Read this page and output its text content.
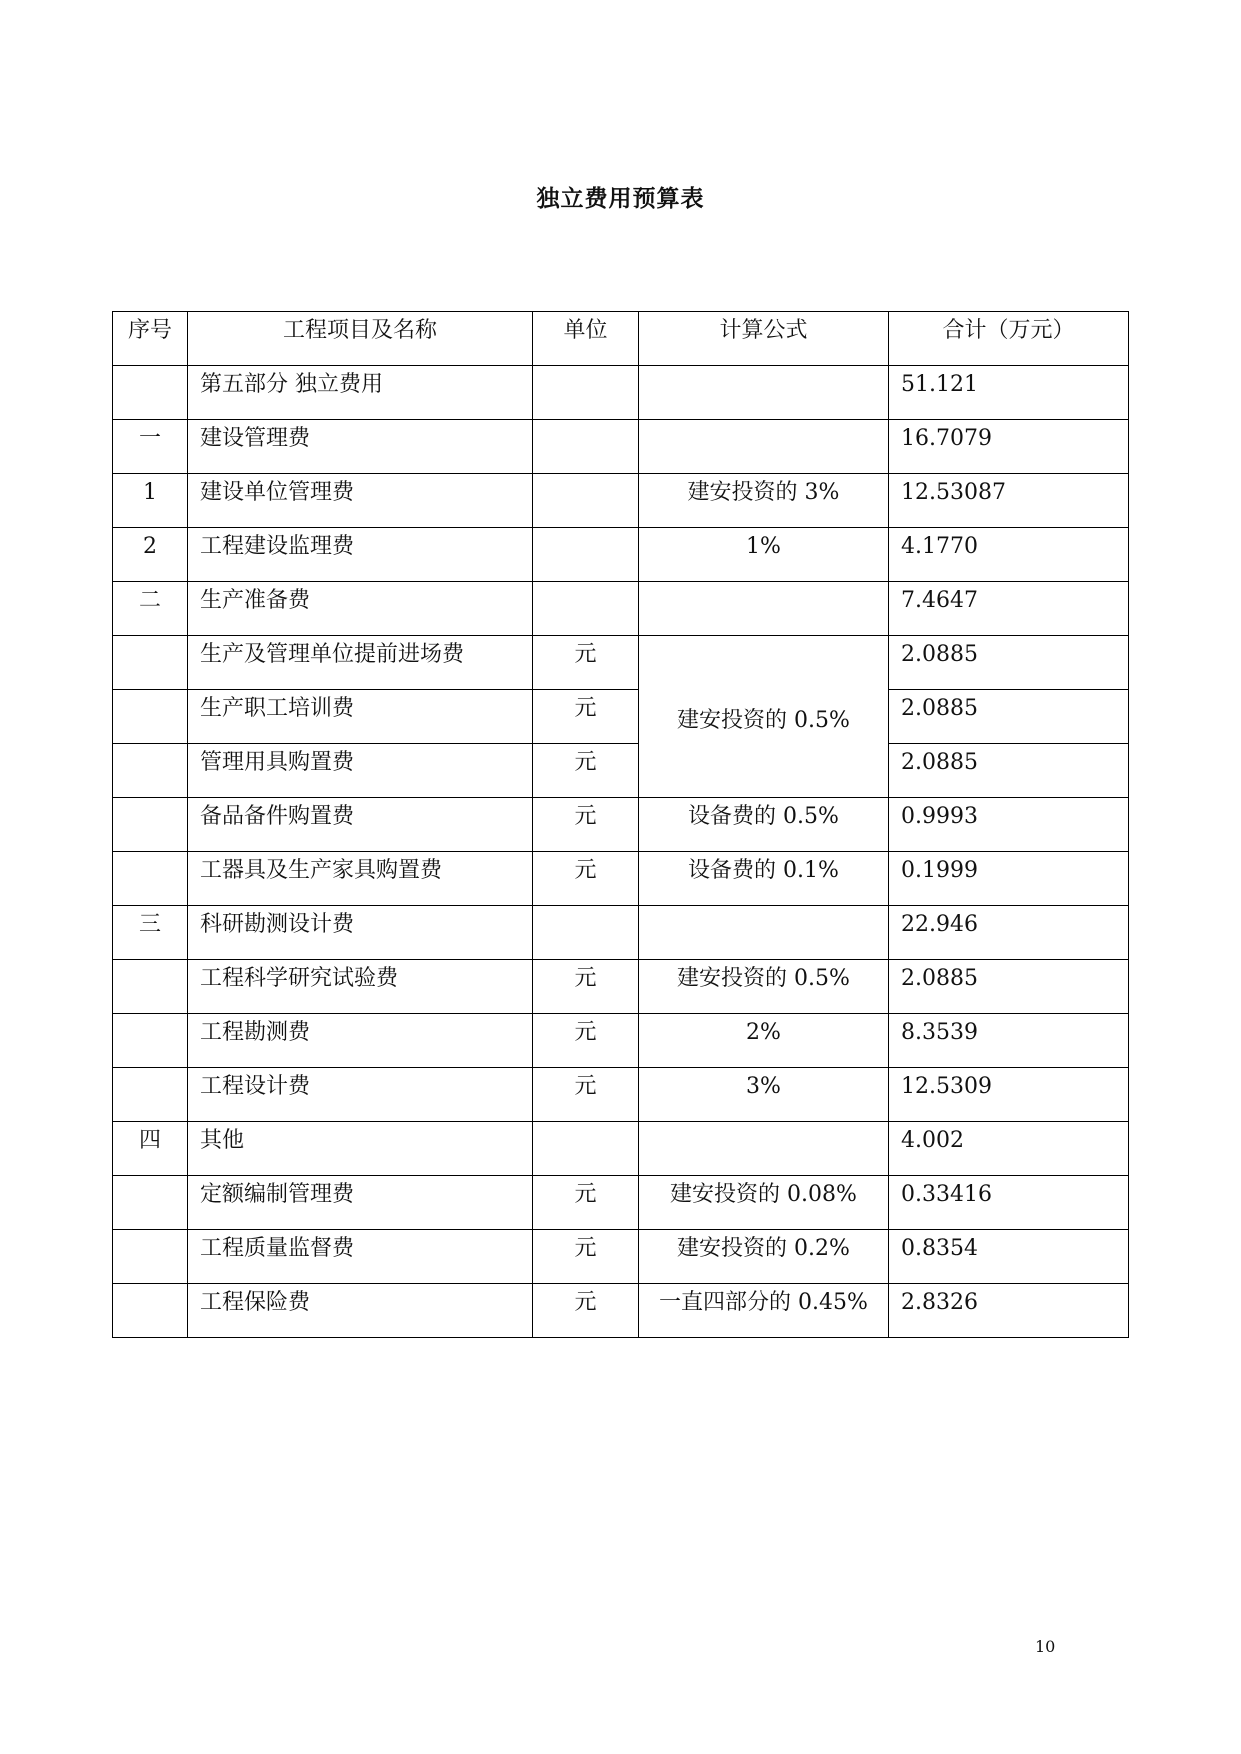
独立费用预算表
序号	工程项目及名称	单位	计算公式	合计（万元）

	第五部分 独立费用			51.121

一	建设管理费			16.7079

1	建设单位管理费		建安投资的 3%	12.53087

2	工程建设监理费		1%	4.1770

二	生产准备费			7.4647

	生产及管理单位提前进场费	元	建安投资的 0.5%	2.0885

	生产职工培训费	元		2.0885

	管理用具购置费	元		2.0885

	备品备件购置费	元	设备费的 0.5%	0.9993

	工器具及生产家具购置费	元	设备费的 0.1%	0.1999

三	科研勘测设计费			22.946

	工程科学研究试验费	元	建安投资的 0.5%	2.0885

	工程勘测费	元	2%	8.3539

	工程设计费	元	3%	12.5309

四	其他			4.002

	定额编制管理费	元	建安投资的 0.08%	0.33416

	工程质量监督费	元	建安投资的 0.2%	0.8354

	工程保险费	元	一直四部分的 0.45%	2.8326
10
